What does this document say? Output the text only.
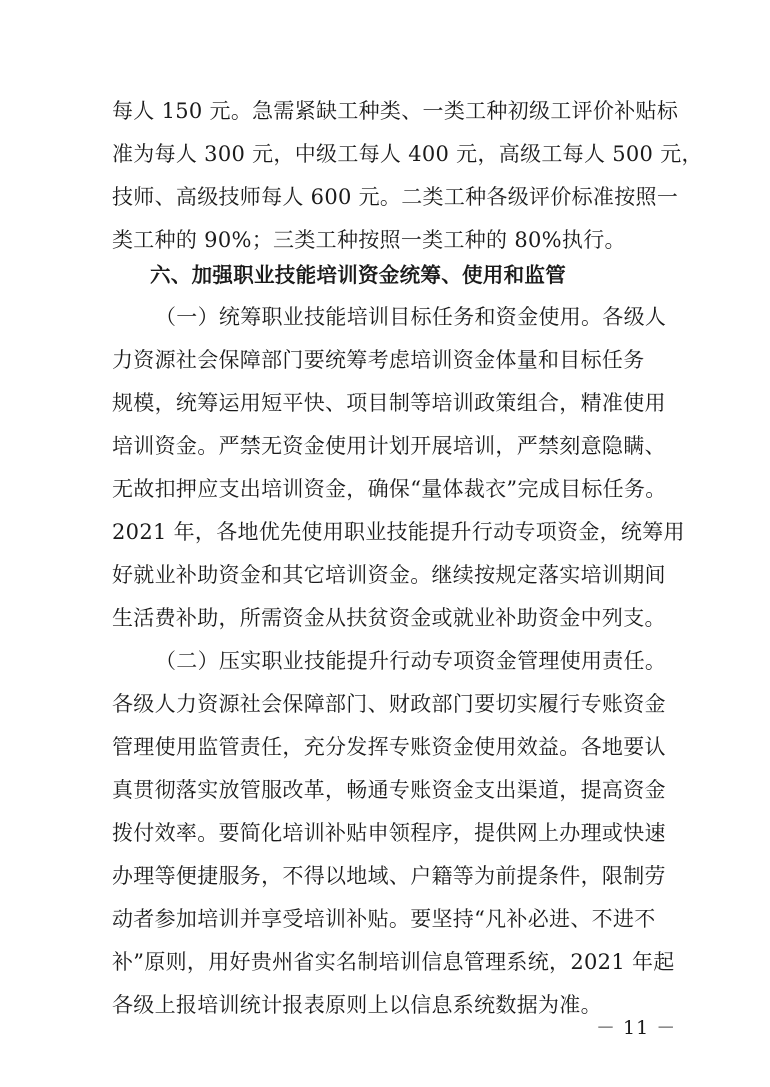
每人 150 元。急需紧缺工种类、一类工种初级工评价补贴标
准为每人 300 元，中级工每人 400 元，高级工每人 500 元，
技师、高级技师每人 600 元。二类工种各级评价标准按照一
类工种的 90%；三类工种按照一类工种的 80%执行。
六、加强职业技能培训资金统筹、使用和监管
（一）统筹职业技能培训目标任务和资金使用。各级人
力资源社会保障部门要统筹考虑培训资金体量和目标任务
规模，统筹运用短平快、项目制等培训政策组合，精准使用
培训资金。严禁无资金使用计划开展培训，严禁刻意隐瞒、
无故扣押应支出培训资金，确保“量体裁衣”完成目标任务。
2021 年，各地优先使用职业技能提升行动专项资金，统筹用
好就业补助资金和其它培训资金。继续按规定落实培训期间
生活费补助，所需资金从扶贫资金或就业补助资金中列支。
（二）压实职业技能提升行动专项资金管理使用责任。
各级人力资源社会保障部门、财政部门要切实履行专账资金
管理使用监管责任，充分发挥专账资金使用效益。各地要认
真贯彻落实放管服改革，畅通专账资金支出渠道，提高资金
拨付效率。要简化培训补贴申领程序，提供网上办理或快速
办理等便捷服务，不得以地域、户籍等为前提条件，限制劳
动者参加培训并享受培训补贴。要坚持“凡补必进、不进不
补”原则，用好贵州省实名制培训信息管理系统，2021 年起
各级上报培训统计报表原则上以信息系统数据为准。
－ 11 －
